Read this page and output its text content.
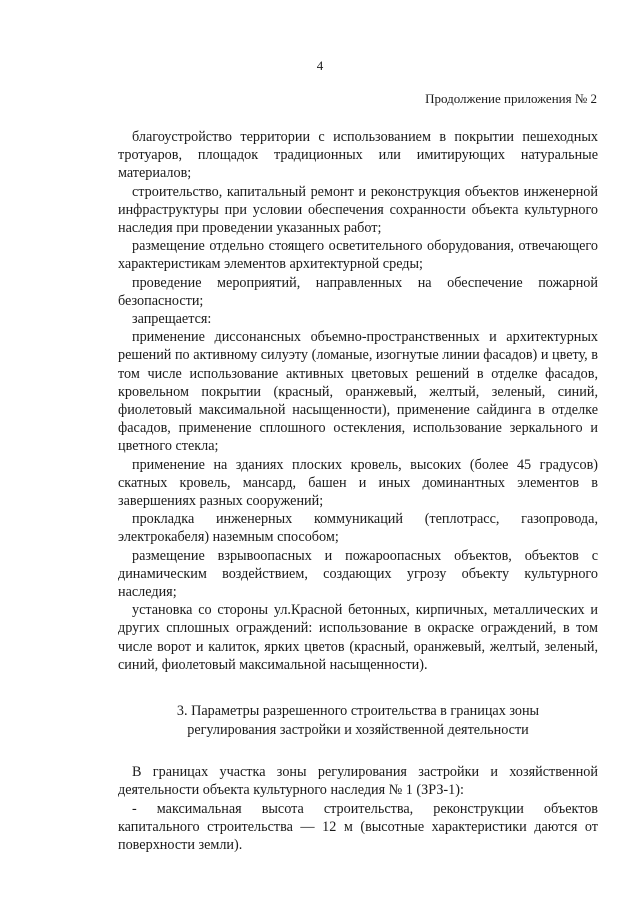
4
Продолжение приложения № 2

благоустройство территории с использованием в покрытии пешеходных тротуаров, площадок традиционных или имитирующих натуральные материалов;

строительство, капитальный ремонт и реконструкция объектов инженерной инфраструктуры при условии обеспечения сохранности объекта культурного наследия при проведении указанных работ;

размещение отдельно стоящего осветительного оборудования, отвечающего характеристикам элементов архитектурной среды;

проведение мероприятий, направленных на обеспечение пожарной безопасности;

запрещается:

применение диссонансных объемно-пространственных и архитектурных решений по активному силуэту (ломаные, изогнутые линии фасадов) и цвету, в том числе использование активных цветовых решений в отделке фасадов, кровельном покрытии (красный, оранжевый, желтый, зеленый, синий, фиолетовый максимальной насыщенности), применение сайдинга в отделке фасадов, применение сплошного остекления, использование зеркального и цветного стекла;

применение на зданиях плоских кровель, высоких (более 45 градусов) скатных кровель, мансард, башен и иных доминантных элементов в завершениях разных сооружений;

прокладка инженерных коммуникаций (теплотрасс, газопровода, электрокабеля) наземным способом;

размещение взрывоопасных и пожароопасных объектов, объектов с динамическим воздействием, создающих угрозу объекту культурного наследия;

установка со стороны ул.Красной бетонных, кирпичных, металлических и других сплошных ограждений: использование в окраске ограждений, в том числе ворот и калиток, ярких цветов (красный, оранжевый, желтый, зеленый, синий, фиолетовый максимальной насыщенности).

3. Параметры разрешенного строительства в границах зоны
регулирования застройки и хозяйственной деятельности

В границах участка зоны регулирования застройки и хозяйственной деятельности объекта культурного наследия № 1 (ЗРЗ-1):

- максимальная высота строительства, реконструкции объектов капитального строительства — 12 м (высотные характеристики даются от поверхности земли).
